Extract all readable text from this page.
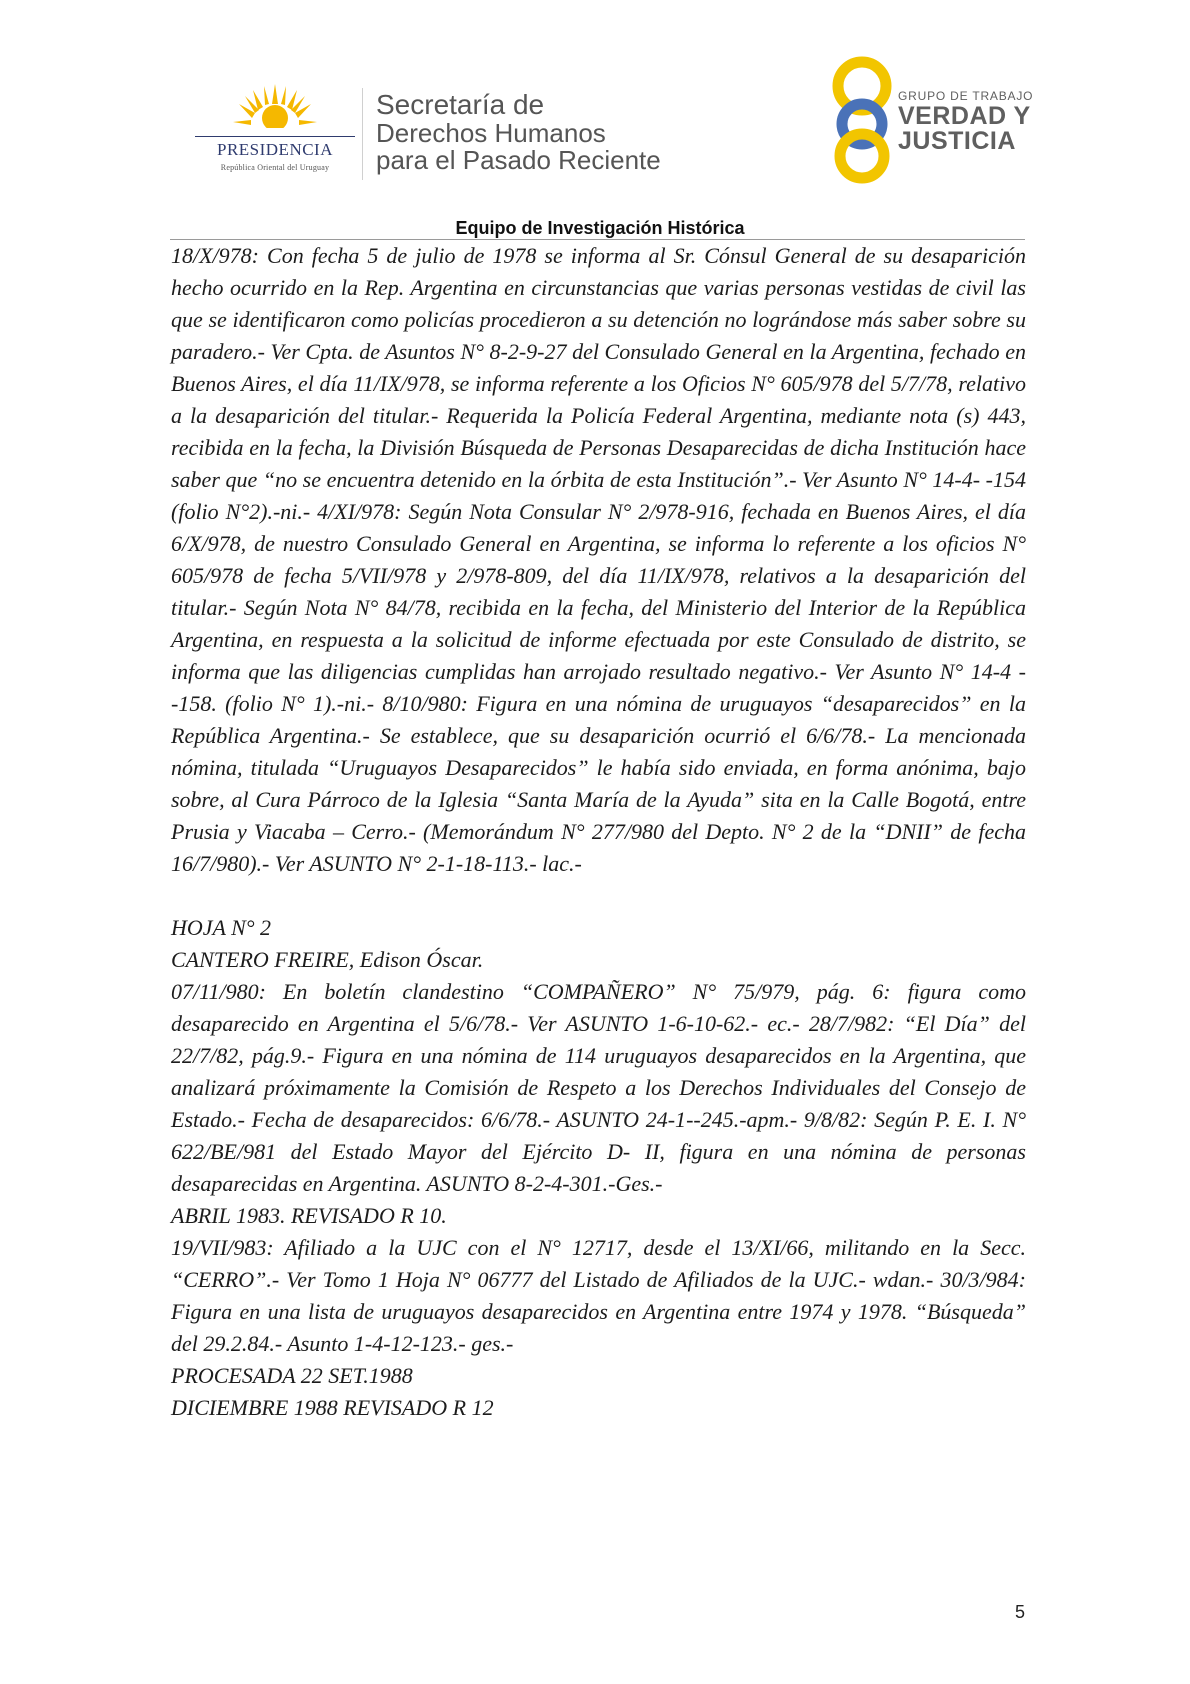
PRESIDENCIA
República Oriental del Uruguay
Secretaría de
Derechos Humanos
para el Pasado Reciente
GRUPO DE TRABAJO
VERDAD Y
JUSTICIA
Equipo de Investigación Histórica

18/X/978: Con fecha 5 de julio de 1978 se informa al Sr. Cónsul General de su desaparición hecho ocurrido en la Rep. Argentina en circunstancias que varias personas vestidas de civil las que se identificaron como policías procedieron a su detención no lográndose más saber sobre su paradero.- Ver Cpta. de Asuntos N° 8-2-9-27 del Consulado General en la Argentina, fechado en Buenos Aires, el día 11/IX/978, se informa referente a los Oficios N° 605/978 del 5/7/78, relativo a la desaparición del titular.- Requerida la Policía Federal Argentina, mediante nota (s) 443, recibida en la fecha, la División Búsqueda de Personas Desaparecidas de dicha Institución hace saber que “no se encuentra detenido en la órbita de esta Institución”.- Ver Asunto N° 14-4- -154 (folio N°2).-ni.- 4/XI/978: Según Nota Consular N° 2/978-916, fechada en Buenos Aires, el día 6/X/978, de nuestro Consulado General en Argentina, se informa lo referente a los oficios N° 605/978 de fecha 5/VII/978 y 2/978-809, del día 11/IX/978, relativos a la desaparición del titular.- Según Nota N° 84/78, recibida en la fecha, del Ministerio del Interior de la República Argentina, en respuesta a la solicitud de informe efectuada por este Consulado de distrito, se informa que las diligencias cumplidas han arrojado resultado negativo.- Ver Asunto N° 14-4 - -158. (folio N° 1).-ni.- 8/10/980: Figura en una nómina de uruguayos “desaparecidos” en la República Argentina.- Se establece, que su desaparición ocurrió el 6/6/78.- La mencionada nómina, titulada “Uruguayos Desaparecidos” le había sido enviada, en forma anónima, bajo sobre, al Cura Párroco de la Iglesia “Santa María de la Ayuda” sita en la Calle Bogotá, entre Prusia y Viacaba – Cerro.- (Memorándum N° 277/980 del Depto. N° 2 de la “DNII” de fecha 16/7/980).- Ver ASUNTO N° 2-1-18-113.- lac.-

HOJA N° 2

CANTERO FREIRE, Edison Óscar.

07/11/980: En boletín clandestino “COMPAÑERO” N° 75/979, pág. 6: figura como desaparecido en Argentina el 5/6/78.- Ver ASUNTO 1-6-10-62.- ec.- 28/7/982: “El Día” del 22/7/82, pág.9.- Figura en una nómina de 114 uruguayos desaparecidos en la Argentina, que analizará próximamente la Comisión de Respeto a los Derechos Individuales del Consejo de Estado.- Fecha de desaparecidos: 6/6/78.- ASUNTO 24-1--245.-apm.- 9/8/82: Según P. E. I. N° 622/BE/981 del Estado Mayor del Ejército D- II, figura en una nómina de personas desaparecidas en Argentina. ASUNTO 8-2-4-301.-Ges.-

ABRIL 1983. REVISADO R 10.

19/VII/983: Afiliado a la UJC con el N° 12717, desde el 13/XI/66, militando en la Secc. “CERRO”.- Ver Tomo 1 Hoja N° 06777 del Listado de Afiliados de la UJC.- wdan.- 30/3/984: Figura en una lista de uruguayos desaparecidos en Argentina entre 1974 y 1978. “Búsqueda” del 29.2.84.- Asunto 1-4-12-123.- ges.-

PROCESADA 22 SET.1988

DICIEMBRE 1988 REVISADO R 12

5
